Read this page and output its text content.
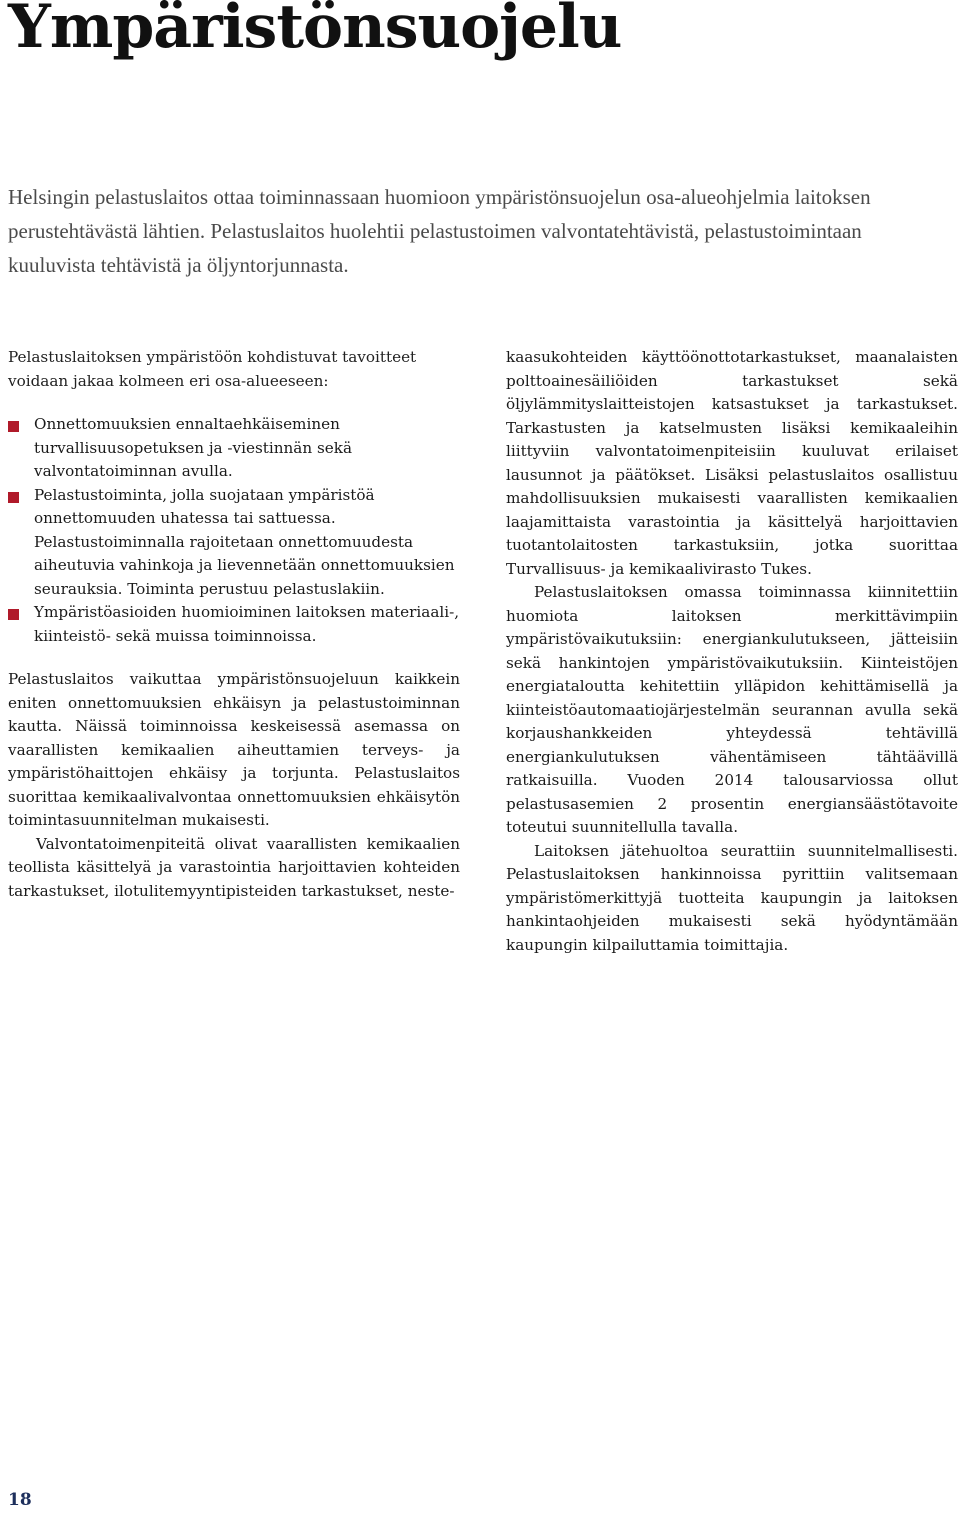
Ympäristönsuojelu

Helsingin pelastuslaitos ottaa toiminnassaan huomioon ympäristönsuojelun osa-alueohjelmia laitoksen perustehtävästä lähtien. Pelastuslaitos huolehtii pelastustoimen valvontatehtävistä, pelastustoimintaan kuuluvista tehtävistä ja öljyntorjunnasta.

Pelastuslaitoksen ympäristöön kohdistuvat tavoitteet voidaan jakaa kolmeen eri osa-alueeseen:

Onnettomuuksien ennaltaehkäiseminen turvallisuusopetuksen ja -viestinnän sekä valvontatoiminnan avulla.
Pelastustoiminta, jolla suojataan ympäristöä onnettomuuden uhatessa tai sattuessa. Pelastustoiminnalla rajoitetaan onnettomuudesta aiheutuvia vahinkoja ja lievennetään onnettomuuksien seurauksia. Toiminta perustuu pelastuslakiin.
Ympäristöasioiden huomioiminen laitoksen materiaali-, kiinteistö- sekä muissa toiminnoissa.

Pelastuslaitos vaikuttaa ympäristönsuojeluun kaikkein eniten onnettomuuksien ehkäisyn ja pelastustoiminnan kautta. Näissä toiminnoissa keskeisessä asemassa on vaarallisten kemikaalien aiheuttamien terveys- ja ympäristöhaittojen ehkäisy ja torjunta. Pelastuslaitos suorittaa kemikaalivalvontaa onnettomuuksien ehkäisytön toimintasuunnitelman mukaisesti.

Valvontatoimenpiteitä olivat vaarallisten kemikaalien teollista käsittelyä ja varastointia harjoittavien kohteiden tarkastukset, ilotulitemyyntipisteiden tarkastukset, neste-

kaasukohteiden käyttöönottotarkastukset, maanalaisten polttoainesäiliöiden tarkastukset sekä öljylämmityslaitteistojen katsastukset ja tarkastukset. Tarkastusten ja katselmusten lisäksi kemikaaleihin liittyviin valvontatoimenpiteisiin kuuluvat erilaiset lausunnot ja päätökset. Lisäksi pelastuslaitos osallistuu mahdollisuuksien mukaisesti vaarallisten kemikaalien laajamittaista varastointia ja käsittelyä harjoittavien tuotantolaitosten tarkastuksiin, jotka suorittaa Turvallisuus- ja kemikaalivirasto Tukes.

Pelastuslaitoksen omassa toiminnassa kiinnitettiin huomiota laitoksen merkittävimpiin ympäristövaikutuksiin: energiankulutukseen, jätteisiin sekä hankintojen ympäristövaikutuksiin. Kiinteistöjen energiataloutta kehitettiin ylläpidon kehittämisellä ja kiinteistöautomaatiojärjestelmän seurannan avulla sekä korjaushankkeiden yhteydessä tehtävillä energiankulutuksen vähentämiseen tähtäävillä ratkaisuilla. Vuoden 2014 talousarviossa ollut pelastusasemien 2 prosentin energiansäästötavoite toteutui suunnitellulla tavalla.

Laitoksen jätehuoltoa seurattiin suunnitelmallisesti. Pelastuslaitoksen hankinnoissa pyrittiin valitsemaan ympäristömerkittyjä tuotteita kaupungin ja laitoksen hankintaohjeiden mukaisesti sekä hyödyntämään kaupungin kilpailuttamia toimittajia.

18
